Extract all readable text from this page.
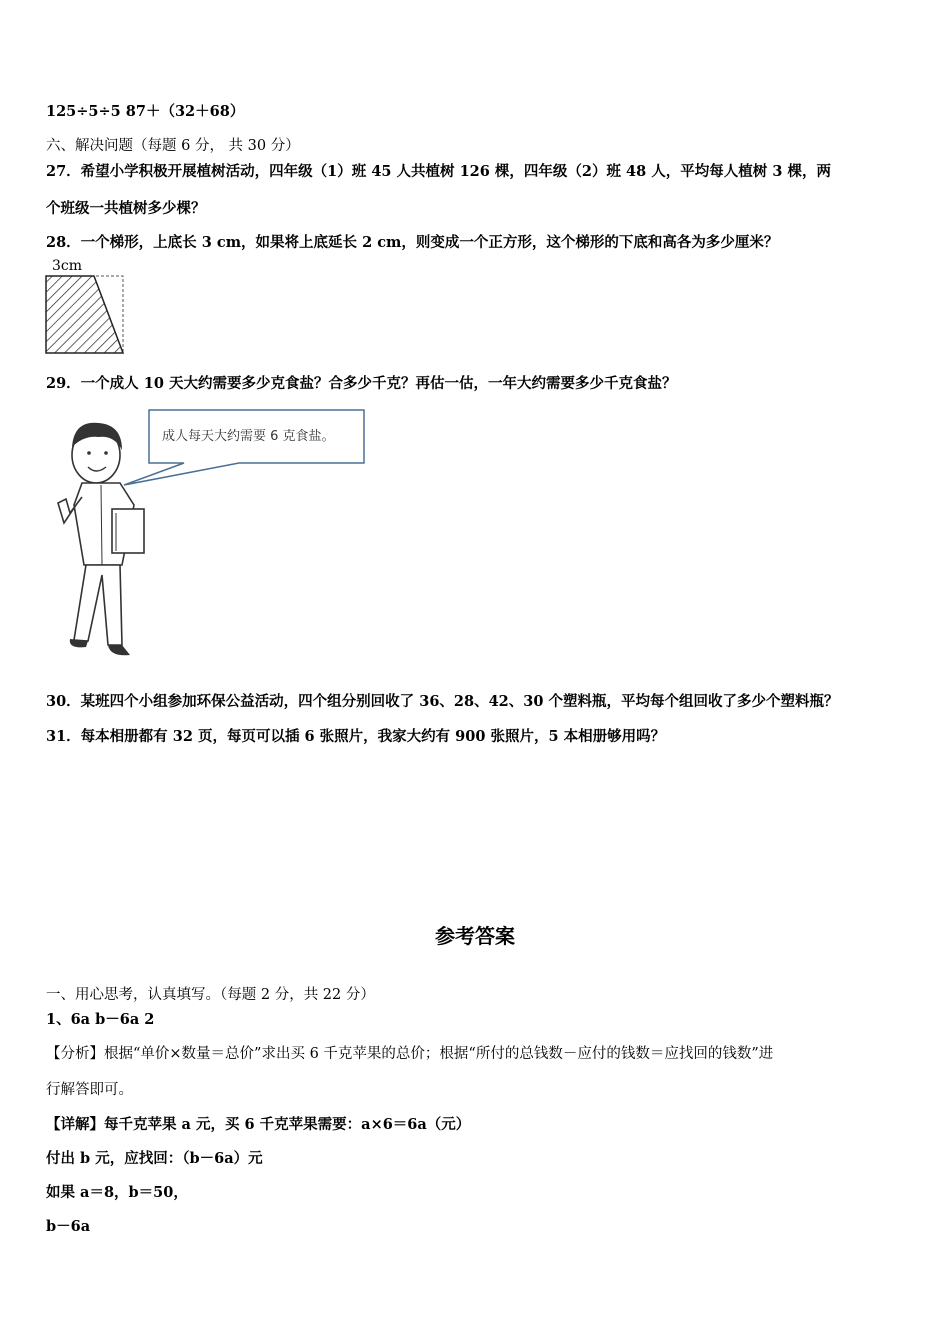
125÷5÷5 87＋（32＋68）
六、解决问题（每题 6 分， 共 30 分）
27．希望小学积极开展植树活动，四年级（1）班 45 人共植树 126 棵，四年级（2）班 48 人，平均每人植树 3 棵，两
个班级一共植树多少棵？
28．一个梯形，上底长 3 cm，如果将上底延长 2 cm，则变成一个正方形，这个梯形的下底和高各为多少厘米？
3cm
29．一个成人 10 天大约需要多少克食盐？合多少千克？再估一估，一年大约需要多少千克食盐？
成人每天大约需要 6 克食盐。
30．某班四个小组参加环保公益活动，四个组分别回收了 36、28、42、30 个塑料瓶，平均每个组回收了多少个塑料瓶？
31．每本相册都有 32 页，每页可以插 6 张照片，我家大约有 900 张照片，5 本相册够用吗？
参考答案
一、用心思考，认真填写。（每题 2 分，共 22 分）
1、6a b－6a 2
【分析】根据“单价×数量＝总价”求出买 6 千克苹果的总价；根据“所付的总钱数－应付的钱数＝应找回的钱数”进
行解答即可。
【详解】每千克苹果 a 元，买 6 千克苹果需要：a×6＝6a（元）
付出 b 元，应找回：（b－6a）元
如果 a＝8，b＝50，
b－6a
